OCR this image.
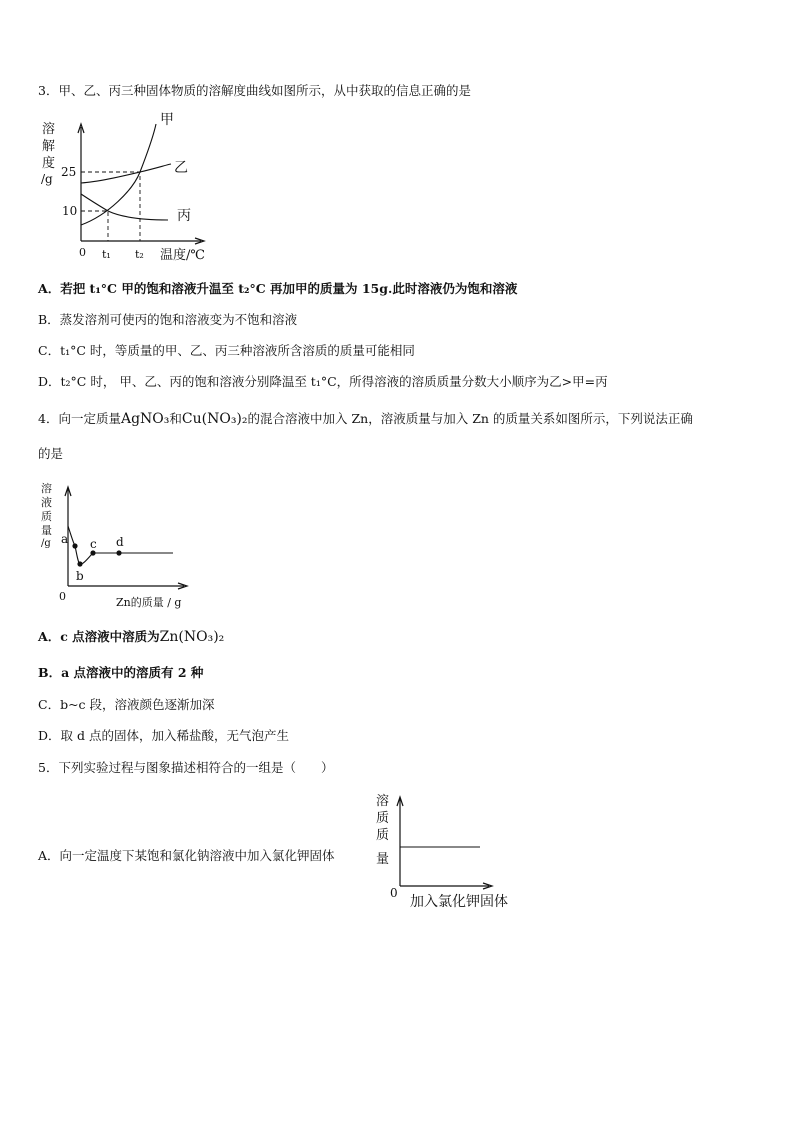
3．甲、乙、丙三种固体物质的溶解度曲线如图所示，从中获取的信息正确的是
溶
解
度
/g 25
10
0 t₁ t₂ 温度/℃
甲
乙
丙
A．若把 t₁°C 甲的饱和溶液升温至 t₂°C 再加甲的质量为 15g.此时溶液仍为饱和溶液
B．蒸发溶剂可使丙的饱和溶液变为不饱和溶液
C．t₁°C 时，等质量的甲、乙、丙三种溶液所含溶质的质量可能相同
D．t₂°C 时， 甲、乙、丙的饱和溶液分别降温至 t₁°C，所得溶液的溶质质量分数大小顺序为乙>甲=丙
4．向一定质量AgNO₃和Cu(NO₃)₂的混合溶液中加入 Zn，溶液质量与加入 Zn 的质量关系如图所示，下列说法正确
的是
a
b
c d
溶
液
质
量
/g
0	Zn的质量 / g
A．c 点溶液中溶质为Zn(NO₃)₂
B．a 点溶液中的溶质有 2 种
C．b~c 段，溶液颜色逐渐加深
D．取 d 点的固体，加入稀盐酸，无气泡产生
5．下列实验过程与图象描述相符合的一组是（　　）
A．向一定温度下某饱和氯化钠溶液中加入氯化钾固体
溶
质
质
量
0
加入氯化钾固体
